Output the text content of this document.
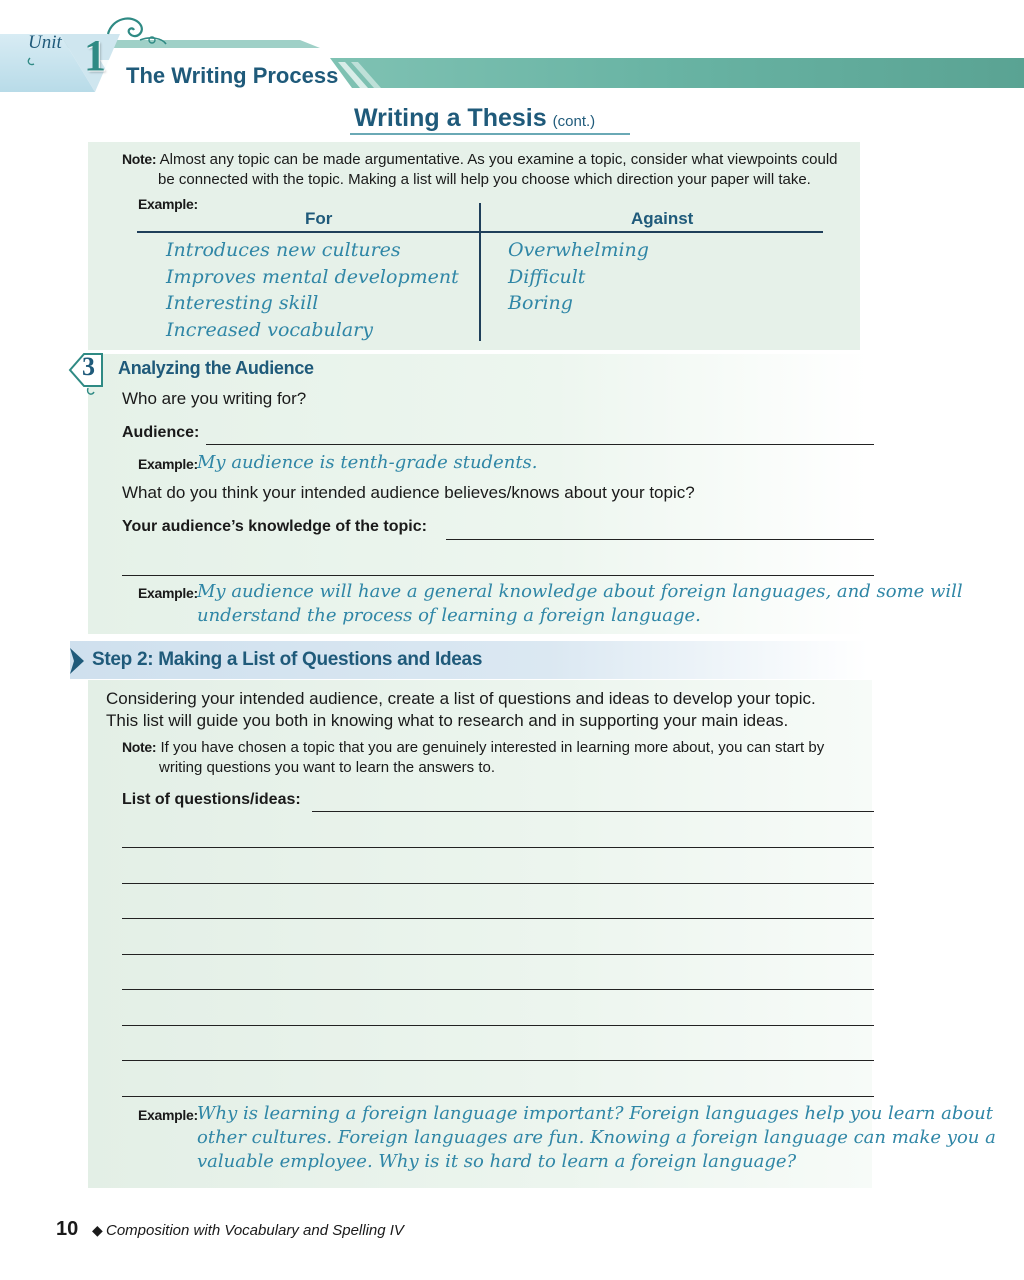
Unit 1 The Writing Process
Writing a Thesis (cont.)
Note: Almost any topic can be made argumentative. As you examine a topic, consider what viewpoints could
be connected with the topic. Making a list will help you choose which direction your paper will take.
Example:
For	Against
Introduces new cultures
Improves mental development
Interesting skill
Increased vocabulary
Overwhelming
Difficult
Boring
3 Analyzing the Audience
Who are you writing for?
Audience:
Example: My audience is tenth-grade students.
What do you think your intended audience believes/knows about your topic?
Your audience’s knowledge of the topic:
Example: My audience will have a general knowledge about foreign languages, and some will
understand the process of learning a foreign language.
Step 2: Making a List of Questions and Ideas
Considering your intended audience, create a list of questions and ideas to develop your topic.
This list will guide you both in knowing what to research and in supporting your main ideas.
Note: If you have chosen a topic that you are genuinely interested in learning more about, you can start by
writing questions you want to learn the answers to.
List of questions/ideas:
Example: Why is learning a foreign language important? Foreign languages help you learn about
other cultures. Foreign languages are fun. Knowing a foreign language can make you a
valuable employee. Why is it so hard to learn a foreign language?
10 ◆ Composition with Vocabulary and Spelling IV
